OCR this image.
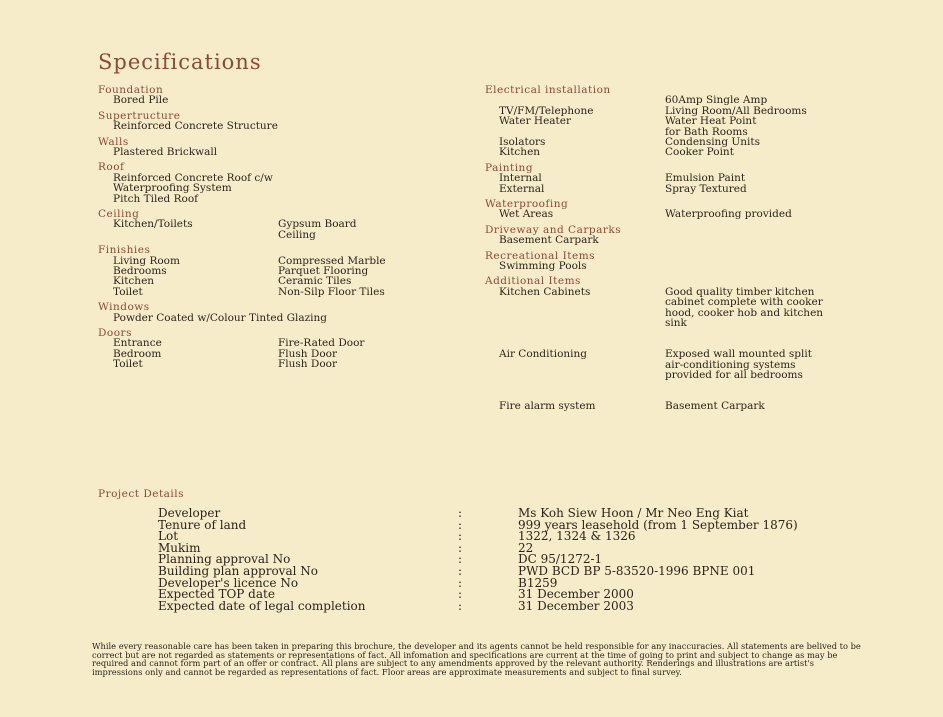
Specifications
Foundation
Bored Pile
Supertructure
Reinforced Concrete Structure
Walls
Plastered Brickwall
Roof
Reinforced Concrete Roof c/w
Waterproofing System
Pitch Tiled Roof
Ceiling
Kitchen/Toilets	Gypsum Board
Ceiling
Finishies
Living Room	Compressed Marble
Bedrooms	Parquet Flooring
Kitchen	Ceramic Tiles
Toilet	Non-Silp Floor Tiles
Windows
Powder Coated w/Colour Tinted Glazing
Doors
Entrance	Fire-Rated Door
Bedroom	Flush Door
Toilet	Flush Door
Electrical installation
60Amp Single Amp
TV/FM/Telephone	Living Room/All Bedrooms
Water Heater	Water Heat Point
for Bath Rooms
Isolators	Condensing Units
Kitchen	Cooker Point
Painting
Internal	Emulsion Paint
External	Spray Textured
Waterproofing
Wet Areas	Waterproofing provided
Driveway and Carparks
Basement Carpark
Recreational Items
Swimming Pools
Additional Items
Kitchen Cabinets	Good quality timber kitchen
cabinet complete with cooker
hood, cooker hob and kitchen
sink

Air Conditioning	Exposed wall mounted split
air-conditioning systems
provided for all bedrooms

Fire alarm system	Basement Carpark
Project Details
Developer	:	Ms Koh Siew Hoon / Mr Neo Eng Kiat
Tenure of land	:	999 years leasehold (from 1 September 1876)
Lot	:	1322, 1324 & 1326
Mukim	:	22
Planning approval No	:	DC 95/1272-1
Building plan approval No	:	PWD BCD BP 5-83520-1996 BPNE 001
Developer's licence No	:	B1259
Expected TOP date	:	31 December 2000
Expected date of legal completion	:	31 December 2003
While every reasonable care has been taken in preparing this brochure, the developer and its agents cannot be held responsible for any inaccuracies. All statements are belived to be correct but are not regarded as statements or representations of fact. All infomation and specifications are current at the time of going to print and subject to change as may be required and cannot form part of an offer or contract. All plans are subject to any amendments approved by the relevant authority. Renderings and illustrations are artist's impressions only and cannot be regarded as representations of fact. Floor areas are approximate measurements and subject to final survey.
